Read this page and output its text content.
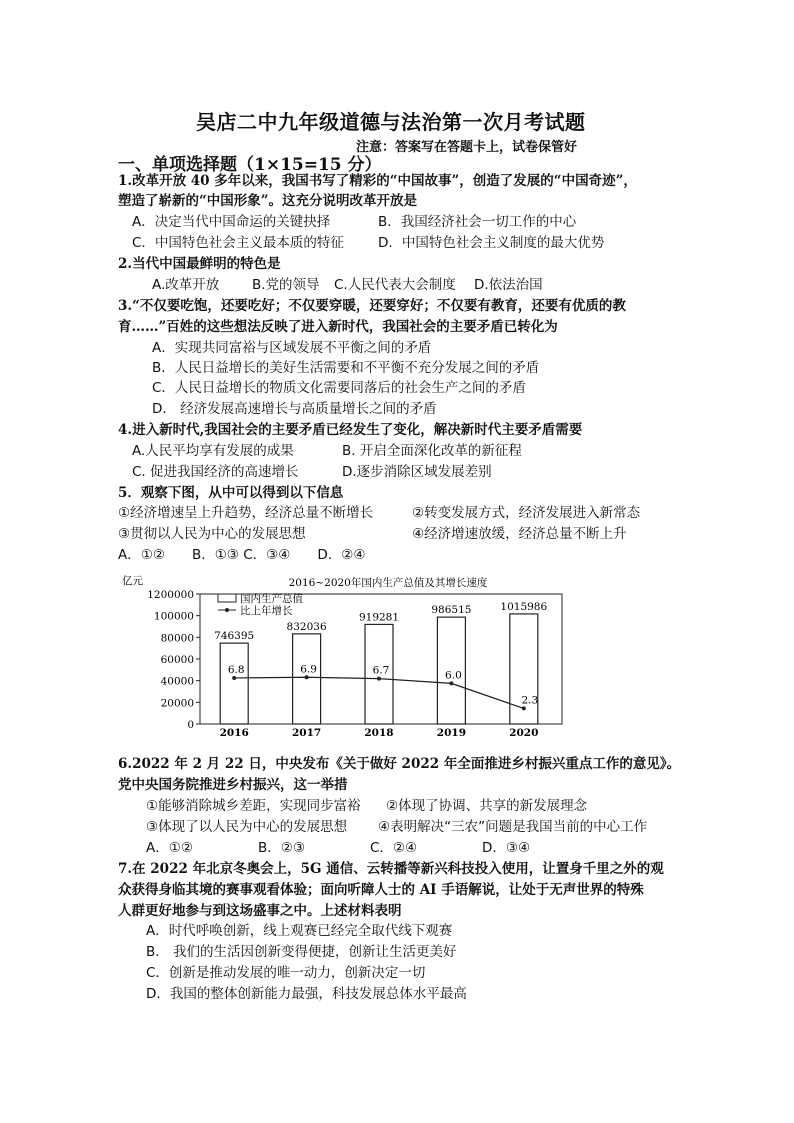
吴店二中九年级道德与法治第一次月考试题
注意：答案写在答题卡上，试卷保管好
一、单项选择题（1×15=15 分）
1.改革开放 40 多年以来，我国书写了精彩的“中国故事”，创造了发展的“中国奇迹”，
塑造了崭新的“中国形象”。这充分说明改革开放是
A．决定当代中国命运的关键抉择	B．我国经济社会一切工作的中心
C．中国特色社会主义最本质的特征	D．中国特色社会主义制度的最大优势
2.当代中国最鲜明的特色是
A.改革开放 B.党的领导 C.人民代表大会制度 D.依法治国
3.“不仅要吃饱，还要吃好；不仅要穿暖，还要穿好；不仅要有教育，还要有优质的教
育……”百姓的这些想法反映了进入新时代，我国社会的主要矛盾已转化为
A．实现共同富裕与区域发展不平衡之间的矛盾
B．人民日益增长的美好生活需要和不平衡不充分发展之间的矛盾
C．人民日益增长的物质文化需要同落后的社会生产之间的矛盾
D． 经济发展高速增长与高质量增长之间的矛盾
4.进入新时代,我国社会的主要矛盾已经发生了变化，解决新时代主要矛盾需要
A.人民平均享有发展的成果	B. 开启全面深化改革的新征程
C. 促进我国经济的高速增长	D.逐步消除区域发展差别
5．观察下图，从中可以得到以下信息
①经济增速呈上升趋势，经济总量不断增长	②转变发展方式，经济发展进入新常态
③贯彻以人民为中心的发展思想	④经济增速放缓，经济总量不断上升
A．①②　　B．①③ C．③④　　D．②④
1200000
100000
80000
60000
40000
20000
0
746395
2016
6.8
832036
2017
6.9
919281
2018
6.7
986515
2019
6.0
1015986
2020
2.3
国内生产总值
比上年增长
2016~2020年国内生产总值及其增长速度
亿元
6.2022 年 2 月 22 日，中央发布《关于做好 2022 年全面推进乡村振兴重点工作的意见》。
党中央国务院推进乡村振兴，这一举措
①能够消除城乡差距，实现同步富裕 ②体现了协调、共享的新发展理念
③体现了以人民为中心的发展思想 ④表明解决“三农”问题是我国当前的中心工作
A．①②	B．②③	C．②④	D．③④
7.在 2022 年北京冬奥会上，5G 通信、云转播等新兴科技投入使用，让置身千里之外的观
众获得身临其境的赛事观看体验；面向听障人士的 AI 手语解说，让处于无声世界的特殊
人群更好地参与到这场盛事之中。上述材料表明
A．时代呼唤创新，线上观赛已经完全取代线下观赛
B． 我们的生活因创新变得便捷，创新让生活更美好
C．创新是推动发展的唯一动力，创新决定一切
D．我国的整体创新能力最强，科技发展总体水平最高
